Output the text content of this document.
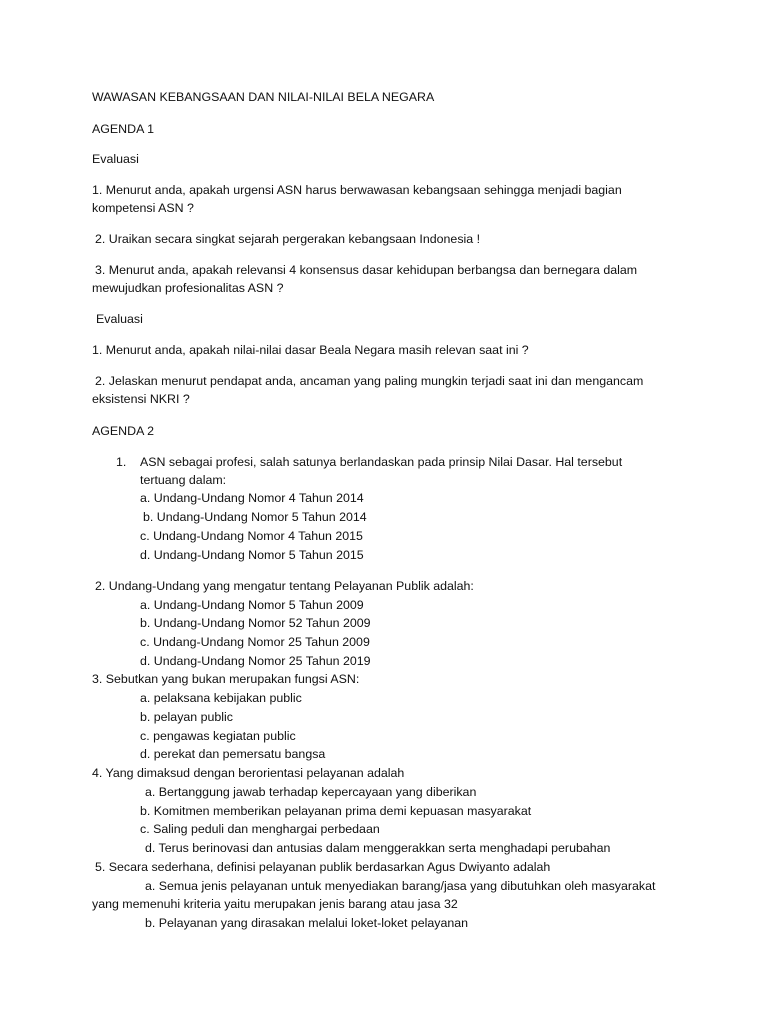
WAWASAN KEBANGSAAN DAN NILAI-NILAI BELA NEGARA
AGENDA 1
Evaluasi
1. Menurut anda, apakah urgensi ASN harus berwawasan kebangsaan sehingga menjadi bagian
kompetensi ASN ?
2. Uraikan secara singkat sejarah pergerakan kebangsaan Indonesia !
3. Menurut anda, apakah relevansi 4 konsensus dasar kehidupan berbangsa dan bernegara dalam
mewujudkan profesionalitas ASN ?
Evaluasi
1. Menurut anda, apakah nilai-nilai dasar Beala Negara masih relevan saat ini ?
2. Jelaskan menurut pendapat anda, ancaman yang paling mungkin terjadi saat ini dan mengancam
eksistensi NKRI ?
AGENDA 2
1. ASN sebagai profesi, salah satunya berlandaskan pada prinsip Nilai Dasar. Hal tersebut
tertuang dalam:
a. Undang-Undang Nomor 4 Tahun 2014
b. Undang-Undang Nomor 5 Tahun 2014
c. Undang-Undang Nomor 4 Tahun 2015
d. Undang-Undang Nomor 5 Tahun 2015
2. Undang-Undang yang mengatur tentang Pelayanan Publik adalah:
a. Undang-Undang Nomor 5 Tahun 2009
b. Undang-Undang Nomor 52 Tahun 2009
c. Undang-Undang Nomor 25 Tahun 2009
d. Undang-Undang Nomor 25 Tahun 2019
3. Sebutkan yang bukan merupakan fungsi ASN:
a. pelaksana kebijakan public
b. pelayan public
c. pengawas kegiatan public
d. perekat dan pemersatu bangsa
4. Yang dimaksud dengan berorientasi pelayanan adalah
a. Bertanggung jawab terhadap kepercayaan yang diberikan
b. Komitmen memberikan pelayanan prima demi kepuasan masyarakat
c. Saling peduli dan menghargai perbedaan
d. Terus berinovasi dan antusias dalam menggerakkan serta menghadapi perubahan
5. Secara sederhana, definisi pelayanan publik berdasarkan Agus Dwiyanto adalah
a. Semua jenis pelayanan untuk menyediakan barang/jasa yang dibutuhkan oleh masyarakat
yang memenuhi kriteria yaitu merupakan jenis barang atau jasa 32
b. Pelayanan yang dirasakan melalui loket-loket pelayanan
